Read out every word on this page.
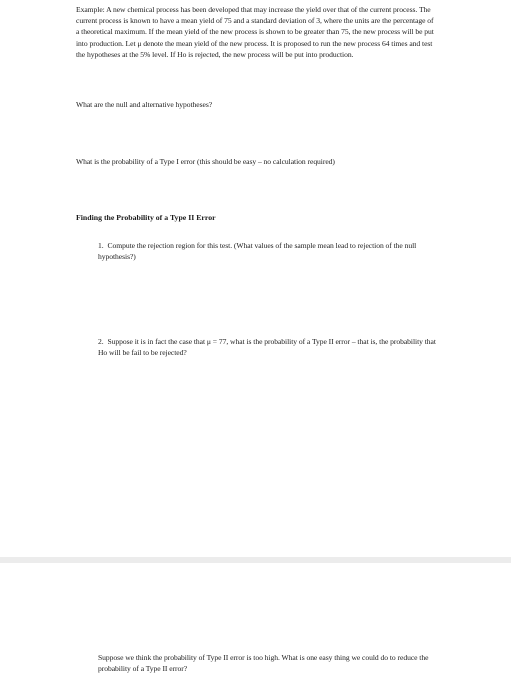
Example: A new chemical process has been developed that may increase the yield over that of the current process. The current process is known to have a mean yield of 75 and a standard deviation of 3, where the units are the percentage of a theoretical maximum. If the mean yield of the new process is shown to be greater than 75, the new process will be put into production. Let μ denote the mean yield of the new process. It is proposed to run the new process 64 times and test the hypotheses at the 5% level. If Ho is rejected, the new process will be put into production.
What are the null and alternative hypotheses?
What is the probability of a Type I error (this should be easy – no calculation required)
Finding the Probability of a Type II Error
1. Compute the rejection region for this test. (What values of the sample mean lead to rejection of the null hypothesis?)
2. Suppose it is in fact the case that μ = 77, what is the probability of a Type II error – that is, the probability that Ho will be fail to be rejected?
Suppose we think the probability of Type II error is too high. What is one easy thing we could do to reduce the probability of a Type II error?
